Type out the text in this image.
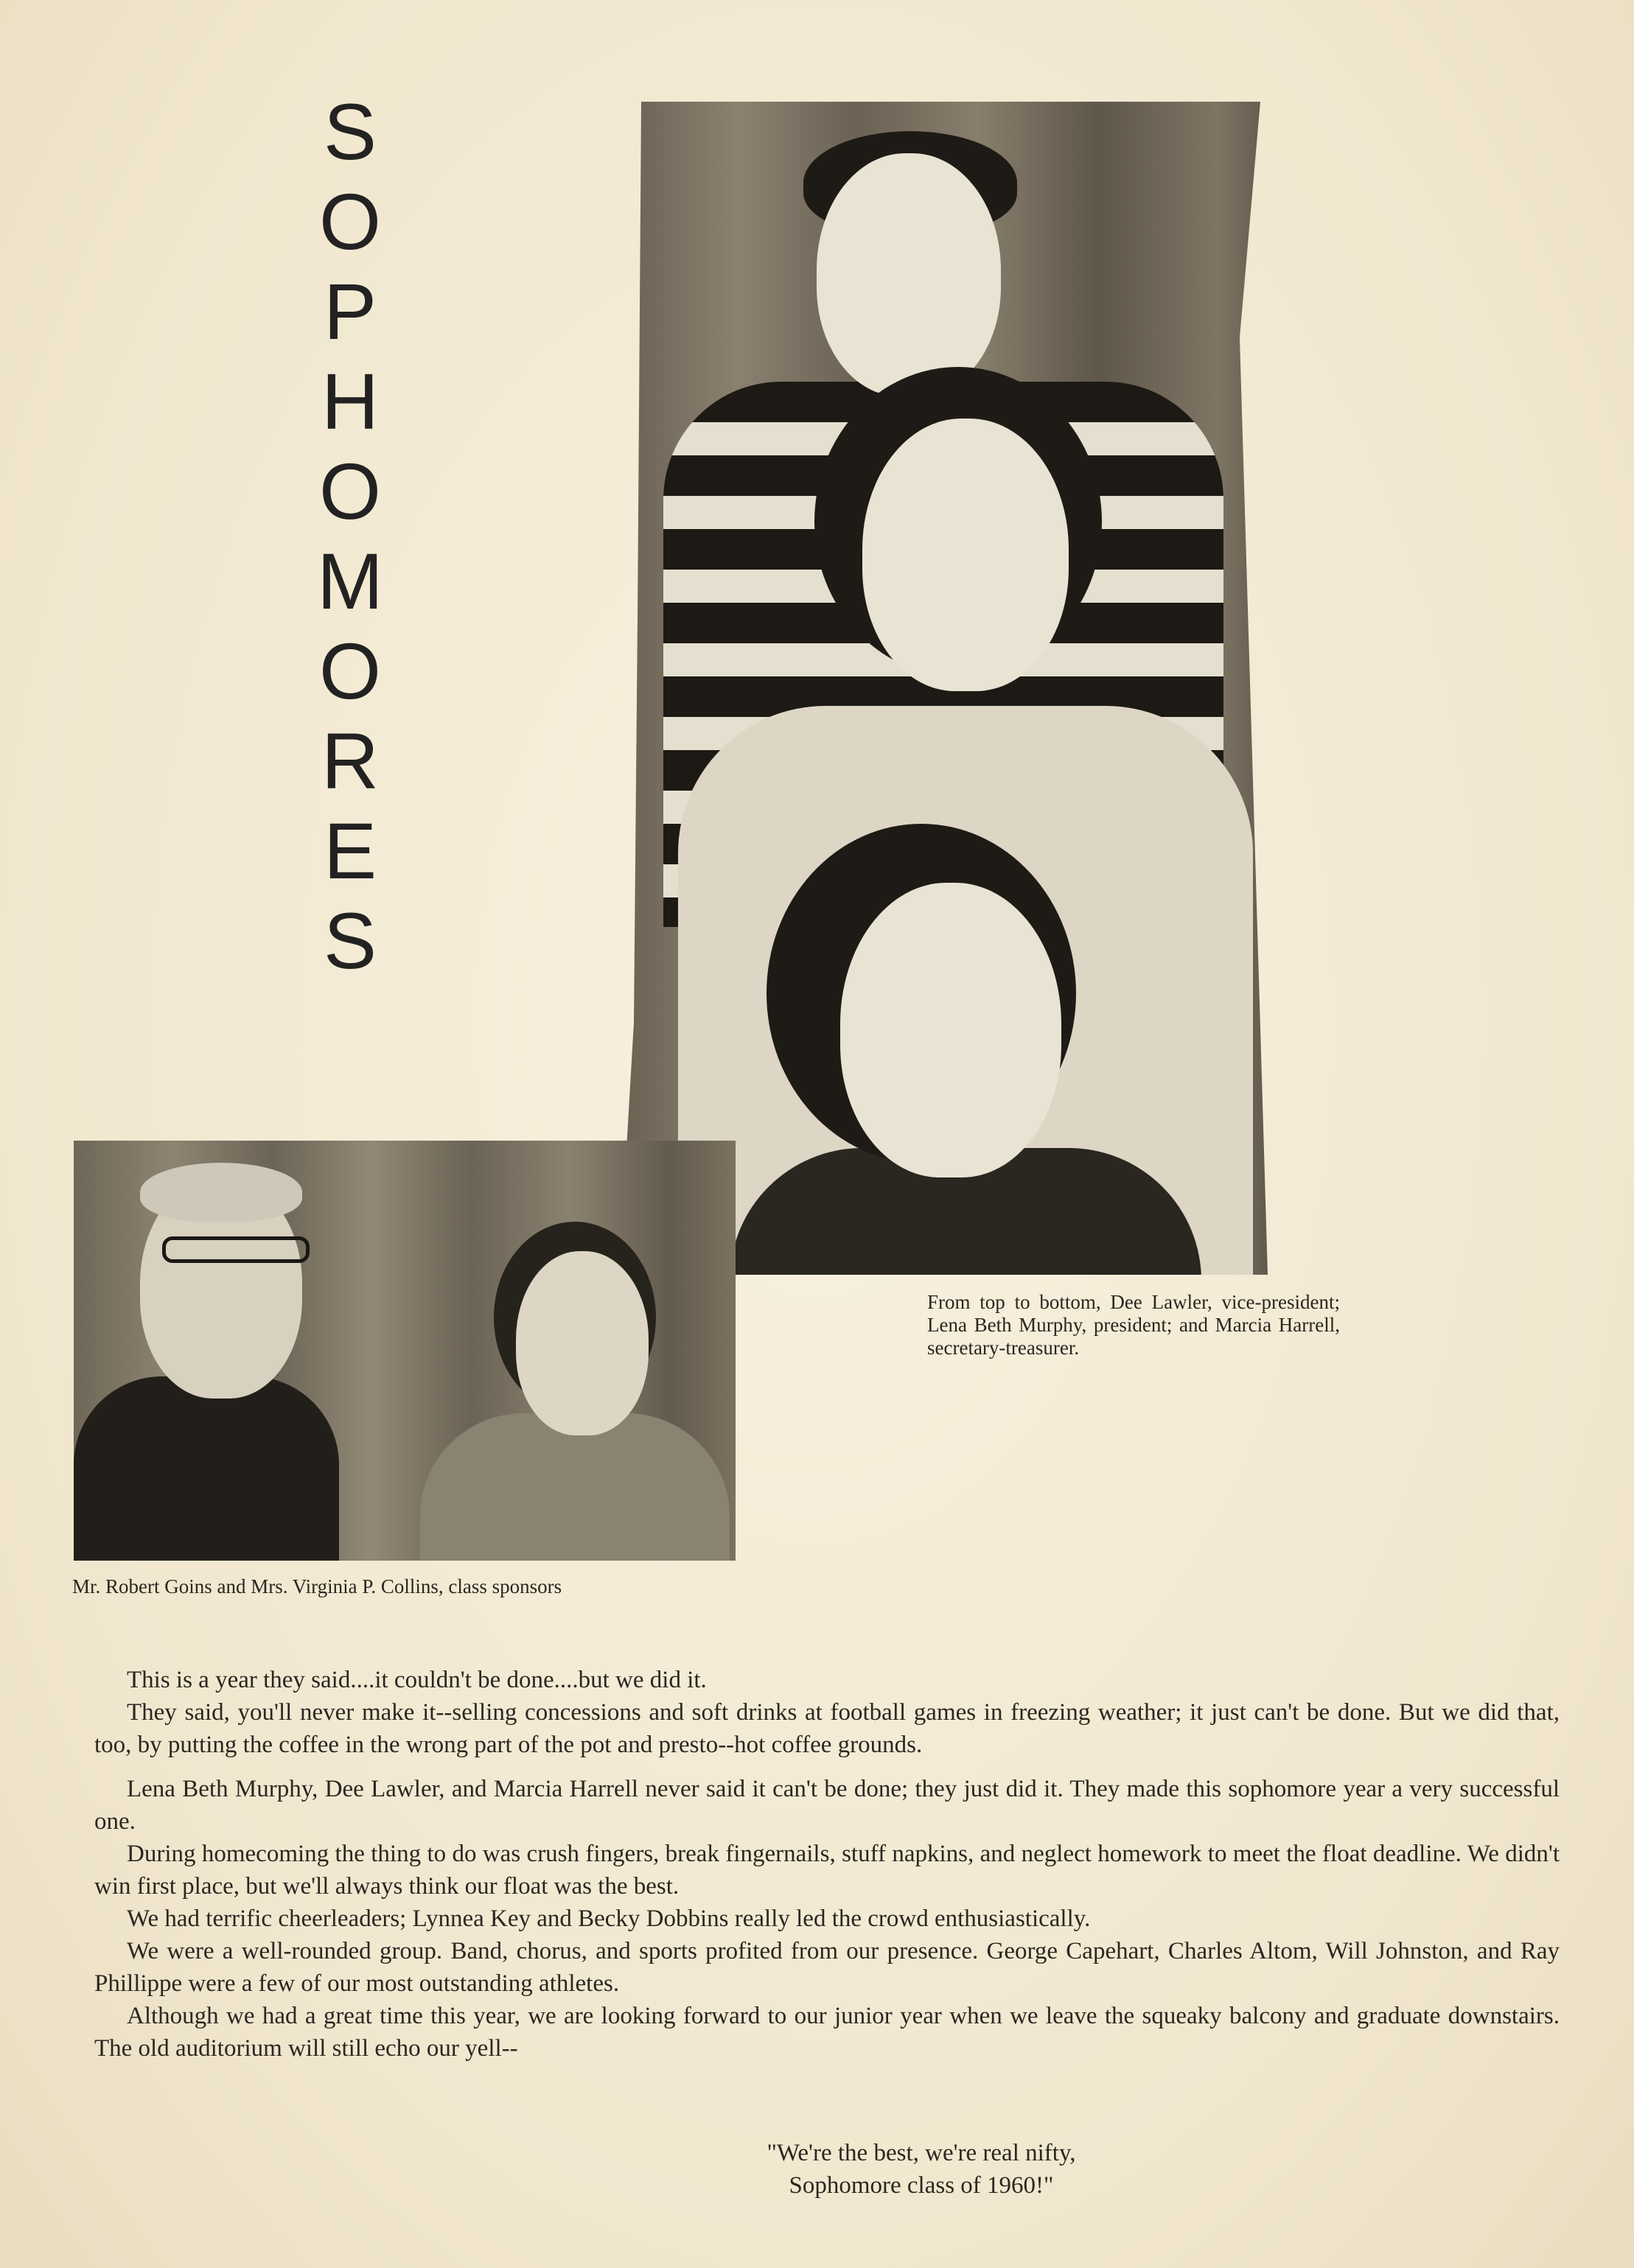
SOPHOMORES
From top to bottom, Dee Lawler, vice-president; Lena Beth Murphy, president; and Marcia Harrell, secretary-treasurer.
Mr. Robert Goins and Mrs. Virginia P. Collins, class sponsors

This is a year they said....it couldn't be done....but we did it.

They said, you'll never make it--selling concessions and soft drinks at football games in freezing weather; it just can't be done. But we did that, too, by putting the coffee in the wrong part of the pot and presto--hot coffee grounds.

Lena Beth Murphy, Dee Lawler, and Marcia Harrell never said it can't be done; they just did it. They made this sophomore year a very successful one.

During homecoming the thing to do was crush fingers, break fingernails, stuff napkins, and neglect homework to meet the float deadline. We didn't win first place, but we'll always think our float was the best.

We had terrific cheerleaders; Lynnea Key and Becky Dobbins really led the crowd enthusiastically.

We were a well-rounded group. Band, chorus, and sports profited from our presence. George Capehart, Charles Altom, Will Johnston, and Ray Phillippe were a few of our most outstanding athletes.

Although we had a great time this year, we are looking forward to our junior year when we leave the squeaky balcony and graduate downstairs. The old auditorium will still echo our yell--

"We're the best, we're real nifty,
Sophomore class of 1960!"
